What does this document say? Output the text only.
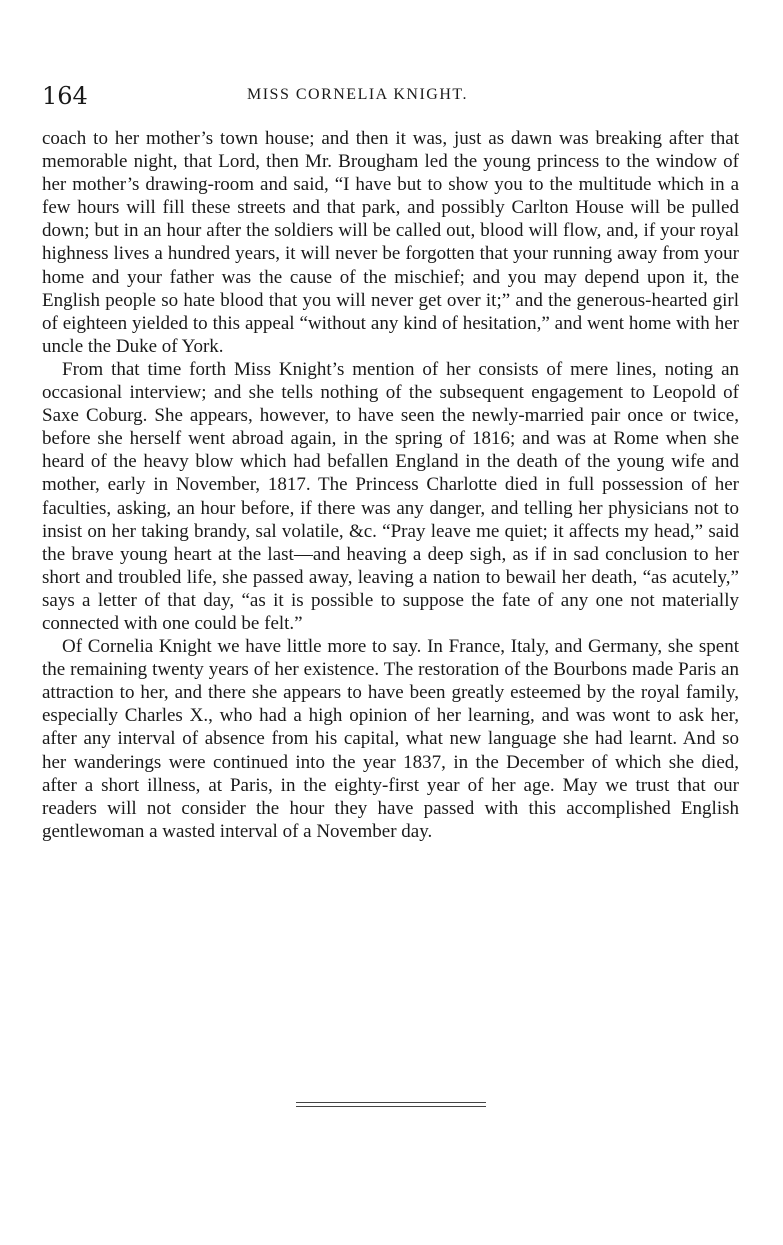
164	MISS CORNELIA KNIGHT.

coach to her mother’s town house; and then it was, just as dawn was breaking after that memorable night, that Lord, then Mr. Brougham led the young princess to the window of her mother’s drawing-room and said, “I have but to show you to the multitude which in a few hours will fill these streets and that park, and possibly Carlton House will be pulled down; but in an hour after the soldiers will be called out, blood will flow, and, if your royal highness lives a hundred years, it will never be forgotten that your running away from your home and your father was the cause of the mischief; and you may depend upon it, the English people so hate blood that you will never get over it;” and the generous-hearted girl of eighteen yielded to this appeal “without any kind of hesitation,” and went home with her uncle the Duke of York.

From that time forth Miss Knight’s mention of her consists of mere lines, noting an occasional interview; and she tells nothing of the subsequent engagement to Leopold of Saxe Coburg. She appears, however, to have seen the newly-married pair once or twice, before she herself went abroad again, in the spring of 1816; and was at Rome when she heard of the heavy blow which had befallen England in the death of the young wife and mother, early in November, 1817. The Princess Charlotte died in full possession of her faculties, asking, an hour before, if there was any danger, and telling her physicians not to insist on her taking brandy, sal volatile, &c. “Pray leave me quiet; it affects my head,” said the brave young heart at the last—and heaving a deep sigh, as if in sad conclusion to her short and troubled life, she passed away, leaving a nation to bewail her death, “as acutely,” says a letter of that day, “as it is possible to suppose the fate of any one not materially connected with one could be felt.”

Of Cornelia Knight we have little more to say. In France, Italy, and Germany, she spent the remaining twenty years of her existence. The restoration of the Bourbons made Paris an attraction to her, and there she appears to have been greatly esteemed by the royal family, especially Charles X., who had a high opinion of her learning, and was wont to ask her, after any interval of absence from his capital, what new language she had learnt. And so her wanderings were continued into the year 1837, in the December of which she died, after a short illness, at Paris, in the eighty-first year of her age. May we trust that our readers will not consider the hour they have passed with this accomplished English gentlewoman a wasted interval of a November day.
